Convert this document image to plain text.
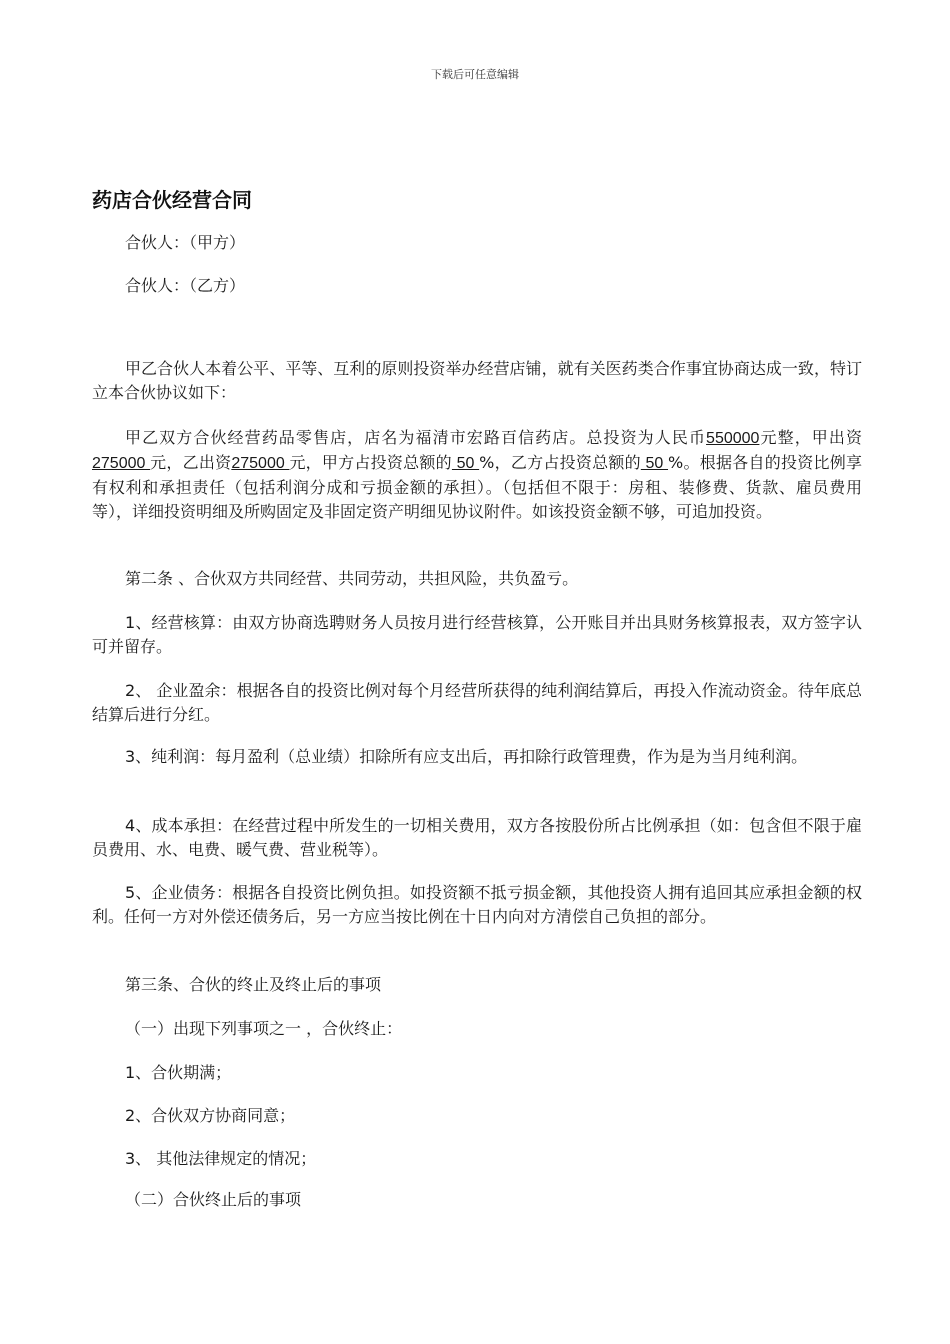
下载后可任意编辑
药店合伙经营合同
合伙人：（甲方）
合伙人：（乙方）
甲乙合伙人本着公平、平等、互利的原则投资举办经营店铺，就有关医药类合作事宜协商达成一致，特订立本合伙协议如下：
甲乙双方合伙经营药品零售店，店名为福清市宏路百信药店。总投资为人民币550000元整，甲出资275000 元，乙出资275000 元，甲方占投资总额的 50 %，乙方占投资总额的 50 %。根据各自的投资比例享有权利和承担责任（包括利润分成和亏损金额的承担）。（包括但不限于：房租、装修费、货款、雇员费用等），详细投资明细及所购固定及非固定资产明细见协议附件。如该投资金额不够，可追加投资。
第二条 、合伙双方共同经营、共同劳动，共担风险，共负盈亏。
1、经营核算：由双方协商选聘财务人员按月进行经营核算，公开账目并出具财务核算报表，双方签字认可并留存。
2、 企业盈余：根据各自的投资比例对每个月经营所获得的纯利润结算后，再投入作流动资金。待年底总结算后进行分红。
3、纯利润：每月盈利（总业绩）扣除所有应支出后，再扣除行政管理费，作为是为当月纯利润。
4、成本承担：在经营过程中所发生的一切相关费用，双方各按股份所占比例承担（如：包含但不限于雇员费用、水、电费、暖气费、营业税等）。
5、企业债务：根据各自投资比例负担。如投资额不抵亏损金额，其他投资人拥有追回其应承担金额的权利。任何一方对外偿还债务后，另一方应当按比例在十日内向对方清偿自己负担的部分。
第三条、合伙的终止及终止后的事项
（一）出现下列事项之一 ，合伙终止：
1、合伙期满；
2、合伙双方协商同意；
3、 其他法律规定的情况；
（二）合伙终止后的事项
